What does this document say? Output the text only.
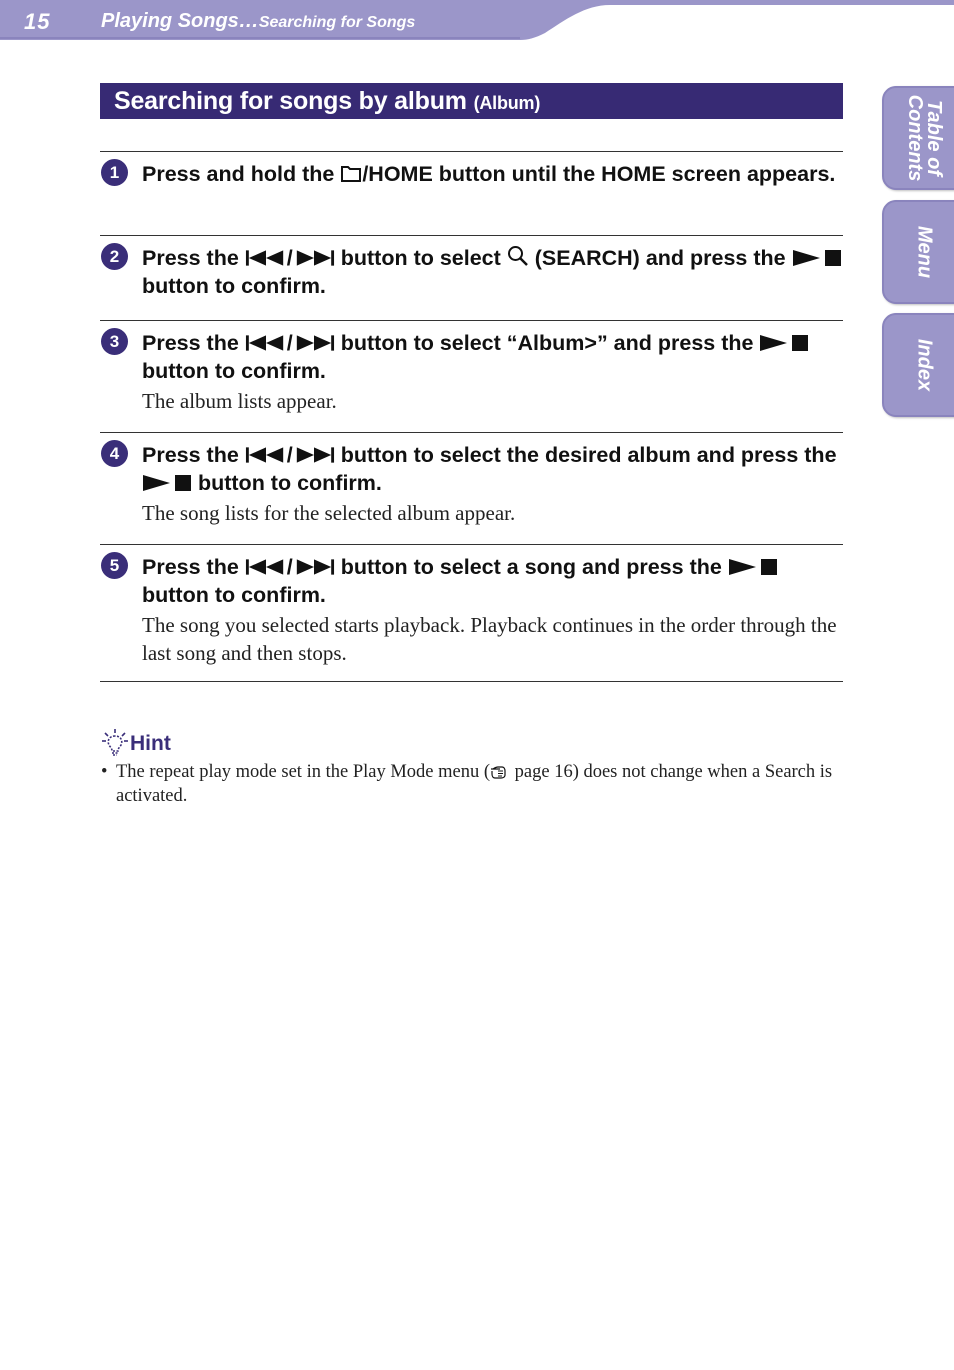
15	Playing Songs…Searching for Songs
Table of
Contents
Menu
Index
Searching for songs by album (Album)
1	Press and hold the /HOME button until the HOME screen appears.
2	Press the / button to select  (SEARCH) and press the  button to confirm.
3	Press the / button to select “Album>” and press the  button to confirm.
The album lists appear.
4	Press the / button to select the desired album and press the  button to confirm.
The song lists for the selected album appear.
5	Press the / button to select a song and press the  button to confirm.
The song you selected starts playback. Playback continues in the order through the last song and then stops.
Hint
• The repeat play mode set in the Play Mode menu ( page 16) does not change when a Search is activated.
